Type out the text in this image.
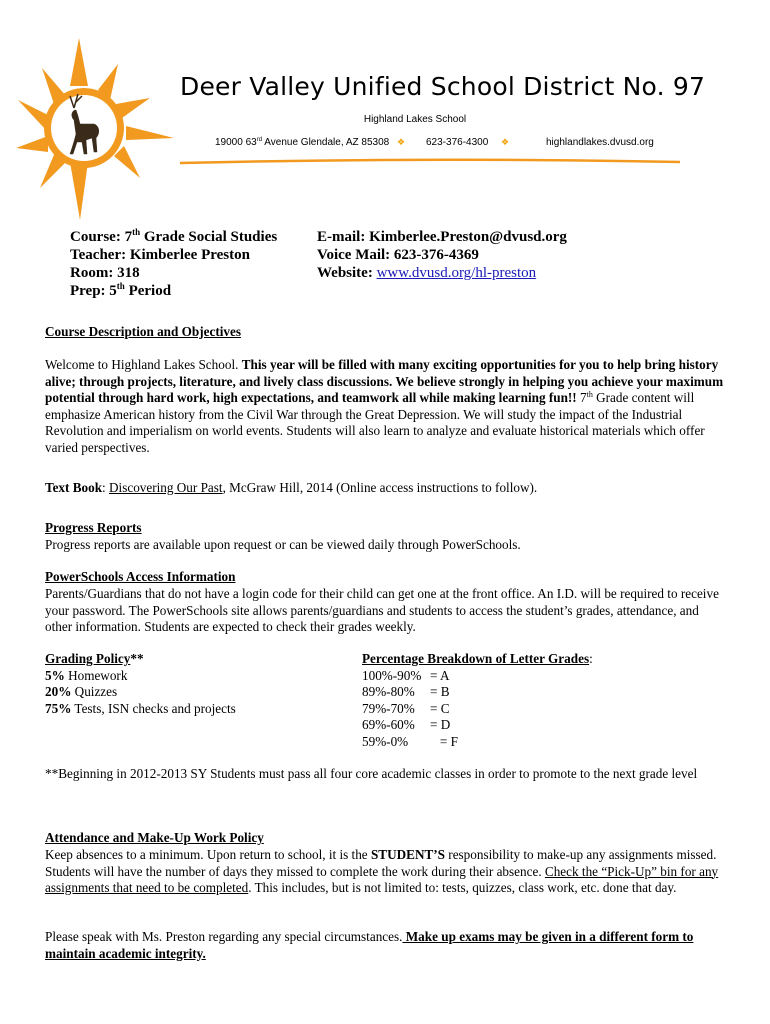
Deer Valley Unified School District No. 97
Highland Lakes School
19000 63rd Avenue Glendale, AZ 85308 ❖ 623-376-4300 ❖	highlandlakes.dvusd.org
Course: 7th Grade Social Studies
Teacher: Kimberlee Preston
Room: 318
Prep: 5th Period
E-mail: Kimberlee.Preston@dvusd.org
Voice Mail: 623-376-4369
Website: www.dvusd.org/hl-preston
Course Description and Objectives
Welcome to Highland Lakes School. This year will be filled with many exciting opportunities for you to help bring history alive; through projects, literature, and lively class discussions. We believe strongly in helping you achieve your maximum potential through hard work, high expectations, and teamwork all while making learning fun!! 7th Grade content will emphasize American history from the Civil War through the Great Depression. We will study the impact of the Industrial Revolution and imperialism on world events. Students will also learn to analyze and evaluate historical materials which offer varied perspectives.
Text Book: Discovering Our Past, McGraw Hill, 2014 (Online access instructions to follow).
Progress Reports
Progress reports are available upon request or can be viewed daily through PowerSchools.
PowerSchools Access Information
Parents/Guardians that do not have a login code for their child can get one at the front office. An I.D. will be required to receive your password. The PowerSchools site allows parents/guardians and students to access the student’s grades, attendance, and other information. Students are expected to check their grades weekly.
Grading Policy**
5% Homework
20% Quizzes
75% Tests, ISN checks and projects
Percentage Breakdown of Letter Grades:
100%-90% = A
89%-80%	= B
79%-70%	= C
69%-60%	= D
59%-0%	= F
**Beginning in 2012-2013 SY Students must pass all four core academic classes in order to promote to the next grade level
Attendance and Make-Up Work Policy
Keep absences to a minimum. Upon return to school, it is the STUDENT’S responsibility to make-up any assignments missed. Students will have the number of days they missed to complete the work during their absence. Check the “Pick-Up” bin for any assignments that need to be completed. This includes, but is not limited to: tests, quizzes, class work, etc. done that day.
Please speak with Ms. Preston regarding any special circumstances. Make up exams may be given in a different form to maintain academic integrity.
